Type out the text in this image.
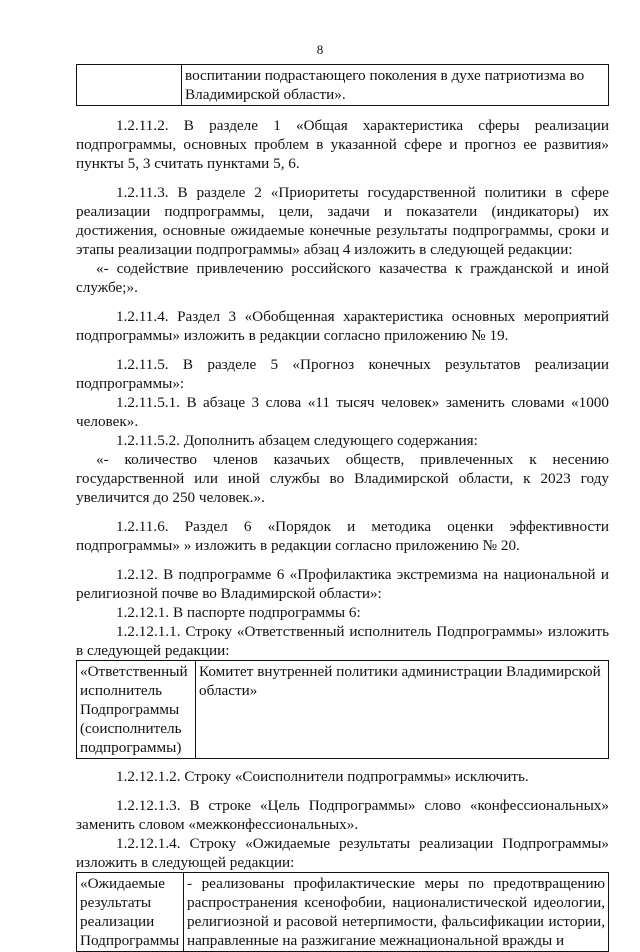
8
	воспитании подрастающего поколения в духе патриотизма во Владимирской области».

1.2.11.2. В разделе 1 «Общая характеристика сферы реализации подпрограммы, основных проблем в указанной сфере и прогноз ее развития» пункты 5, 3 считать пунктами 5, 6.

1.2.11.3. В разделе 2 «Приоритеты государственной политики в сфере реализации подпрограммы, цели, задачи и показатели (индикаторы) их достижения, основные ожидаемые конечные результаты подпрограммы, сроки и этапы реализации подпрограммы» абзац 4 изложить в следующей редакции:

«- содействие привлечению российского казачества к гражданской и иной службе;».

1.2.11.4. Раздел 3 «Обобщенная характеристика основных мероприятий подпрограммы» изложить в редакции согласно приложению № 19.

1.2.11.5. В разделе 5 «Прогноз конечных результатов реализации подпрограммы»:

1.2.11.5.1. В абзаце 3 слова «11 тысяч человек» заменить словами «1000 человек».

1.2.11.5.2. Дополнить абзацем следующего содержания:

«- количество членов казачьих обществ, привлеченных к несению государственной или иной службы во Владимирской области, к 2023 году увеличится до 250 человек.».

1.2.11.6. Раздел 6 «Порядок и методика оценки эффективности подпрограммы» » изложить в редакции согласно приложению № 20.

1.2.12. В подпрограмме 6 «Профилактика экстремизма на национальной и религиозной почве во Владимирской области»:

1.2.12.1. В паспорте подпрограммы 6:

1.2.12.1.1. Строку «Ответственный исполнитель Подпрограммы» изложить в следующей редакции:

«Ответственный исполнитель Подпрограммы (соисполнитель подпрограммы)	Комитет внутренней политики администрации Владимирской области»

1.2.12.1.2. Строку «Соисполнители подпрограммы» исключить.

1.2.12.1.3. В строке «Цель Подпрограммы» слово «конфессиональных» заменить словом «межконфессиональных».

1.2.12.1.4. Строку «Ожидаемые результаты реализации Подпрограммы» изложить в следующей редакции:

«Ожидаемые результаты реализации Подпрограммы	- реализованы профилактические меры по предотвращению распространения ксенофобии, националистической идеологии, религиозной и расовой нетерпимости, фальсификации истории, направленные на разжигание межнациональной вражды и
